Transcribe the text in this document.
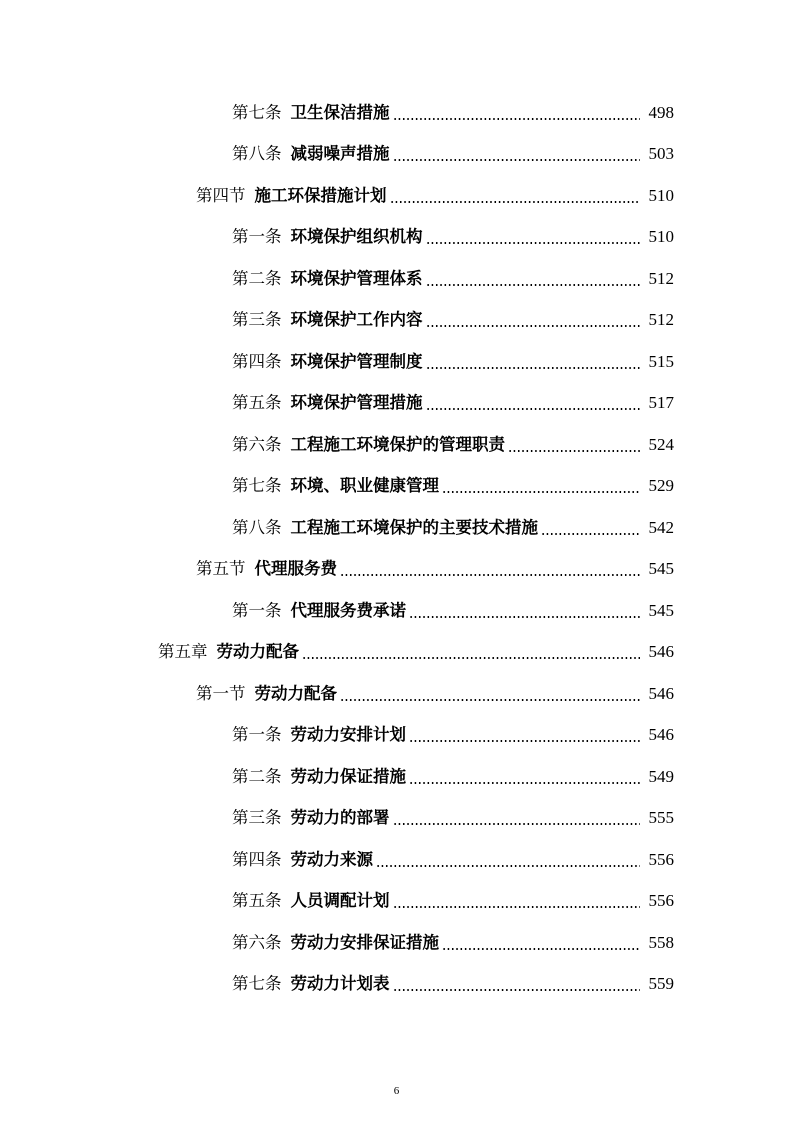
第七条 卫生保洁措施	498
第八条 减弱噪声措施	503
第四节 施工环保措施计划	510
第一条 环境保护组织机构	510
第二条 环境保护管理体系	512
第三条 环境保护工作内容	512
第四条 环境保护管理制度	515
第五条 环境保护管理措施	517
第六条 工程施工环境保护的管理职责	524
第七条 环境、职业健康管理	529
第八条 工程施工环境保护的主要技术措施	542
第五节 代理服务费	545
第一条 代理服务费承诺	545
第五章 劳动力配备	546
第一节 劳动力配备	546
第一条 劳动力安排计划	546
第二条 劳动力保证措施	549
第三条 劳动力的部署	555
第四条 劳动力来源	556
第五条 人员调配计划	556
第六条 劳动力安排保证措施	558
第七条 劳动力计划表	559
6
